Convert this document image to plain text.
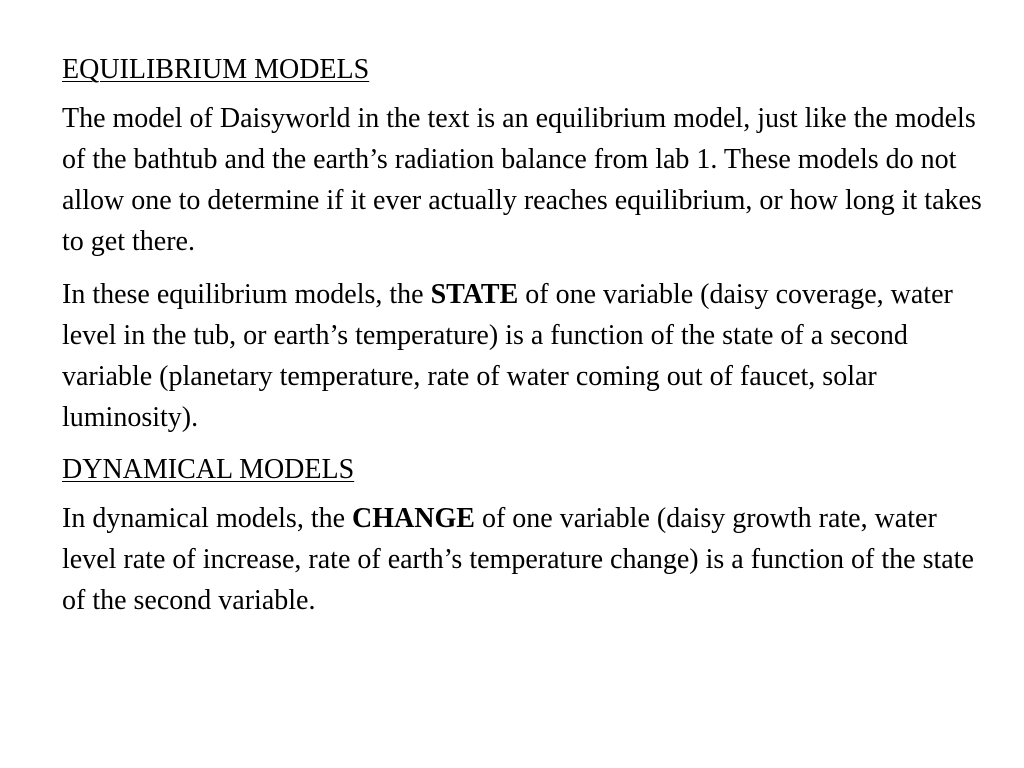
EQUILIBRIUM MODELS

The model of Daisyworld in the text is an equilibrium model, just like the models of the bathtub and the earth’s radiation balance from lab 1. These models do not allow one to determine if it ever actually reaches equilibrium, or how long it takes to get there.

In these equilibrium models, the STATE of one variable (daisy coverage, water level in the tub, or earth’s temperature) is a function of the state of a second variable (planetary temperature, rate of water coming out of faucet, solar luminosity).

DYNAMICAL MODELS

In dynamical models, the CHANGE of one variable (daisy growth rate, water level rate of increase, rate of earth’s temperature change) is a function of the state of the second variable.
